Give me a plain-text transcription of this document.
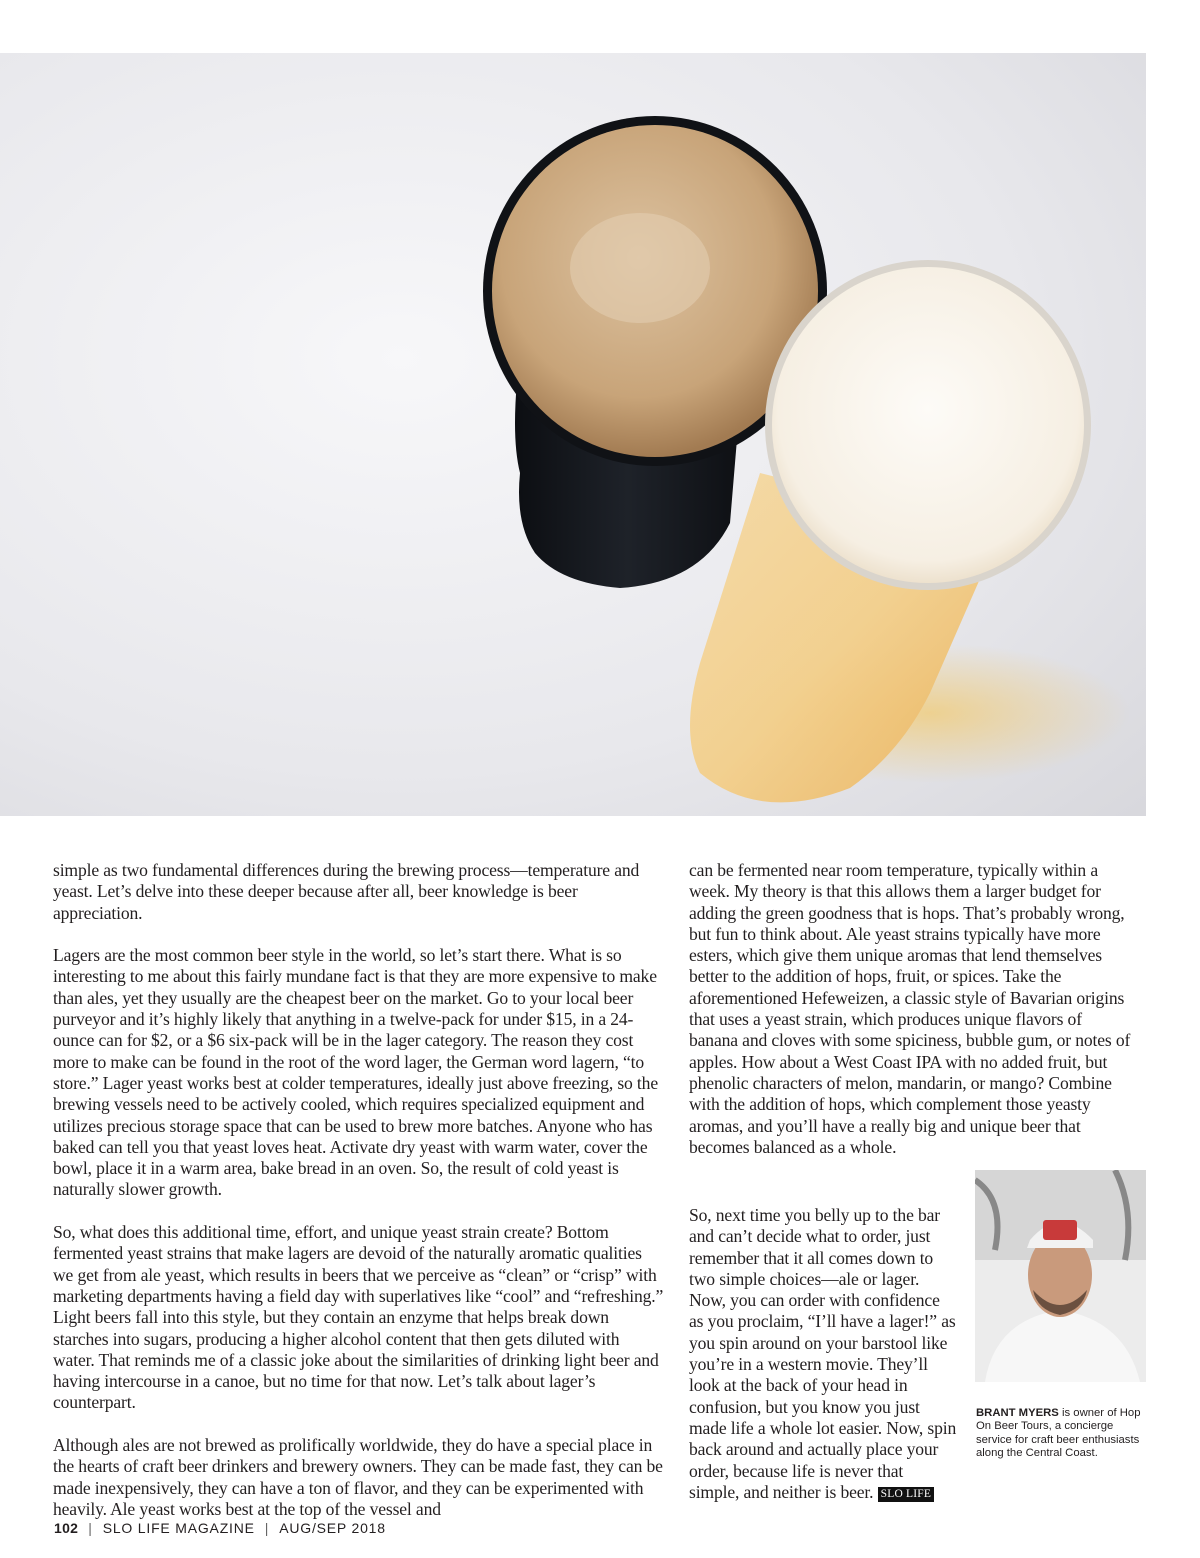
simple as two fundamental differences during the brewing process—temperature and yeast. Let’s delve into these deeper because after all, beer knowledge is beer appreciation.

Lagers are the most common beer style in the world, so let’s start there. What is so interesting to me about this fairly mundane fact is that they are more expensive to make than ales, yet they usually are the cheapest beer on the market. Go to your local beer purveyor and it’s highly likely that anything in a twelve-pack for under $15, in a 24-ounce can for $2, or a $6 six-pack will be in the lager category. The reason they cost more to make can be found in the root of the word lager, the German word lagern, “to store.” Lager yeast works best at colder temperatures, ideally just above freezing, so the brewing vessels need to be actively cooled, which requires specialized equipment and utilizes precious storage space that can be used to brew more batches. Anyone who has baked can tell you that yeast loves heat. Activate dry yeast with warm water, cover the bowl, place it in a warm area, bake bread in an oven. So, the result of cold yeast is naturally slower growth.

So, what does this additional time, effort, and unique yeast strain create? Bottom fermented yeast strains that make lagers are devoid of the naturally aromatic qualities we get from ale yeast, which results in beers that we perceive as “clean” or “crisp” with marketing departments having a field day with superlatives like “cool” and “refreshing.” Light beers fall into this style, but they contain an enzyme that helps break down starches into sugars, producing a higher alcohol content that then gets diluted with water. That reminds me of a classic joke about the similarities of drinking light beer and having intercourse in a canoe, but no time for that now. Let’s talk about lager’s counterpart.

Although ales are not brewed as prolifically worldwide, they do have a special place in the hearts of craft beer drinkers and brewery owners. They can be made fast, they can be made inexpensively, they can have a ton of flavor, and they can be experimented with heavily. Ale yeast works best at the top of the vessel and

can be fermented near room temperature, typically within a week. My theory is that this allows them a larger budget for adding the green goodness that is hops. That’s probably wrong, but fun to think about. Ale yeast strains typically have more esters, which give them unique aromas that lend themselves better to the addition of hops, fruit, or spices. Take the aforementioned Hefeweizen, a classic style of Bavarian origins that uses a yeast strain, which produces unique flavors of banana and cloves with some spiciness, bubble gum, or notes of apples. How about a West Coast IPA with no added fruit, but phenolic characters of melon, mandarin, or mango? Combine with the addition of hops, which complement those yeasty aromas, and you’ll have a really big and unique beer that becomes balanced as a whole.

So, next time you belly up to the bar and can’t decide what to order, just remember that it all comes down to two simple choices—ale or lager. Now, you can order with confidence as you proclaim, “I’ll have a lager!” as you spin around on your barstool like you’re in a western movie. They’ll look at the back of your head in confusion, but you know you just made life a whole lot easier. Now, spin back around and actually place your order, because life is never that simple, and neither is beer. SLO LIFE

BRANT MYERS is owner of Hop On Beer Tours, a concierge service for craft beer enthusiasts along the Central Coast.
102 | SLO LIFE MAGAZINE | AUG/SEP 2018
